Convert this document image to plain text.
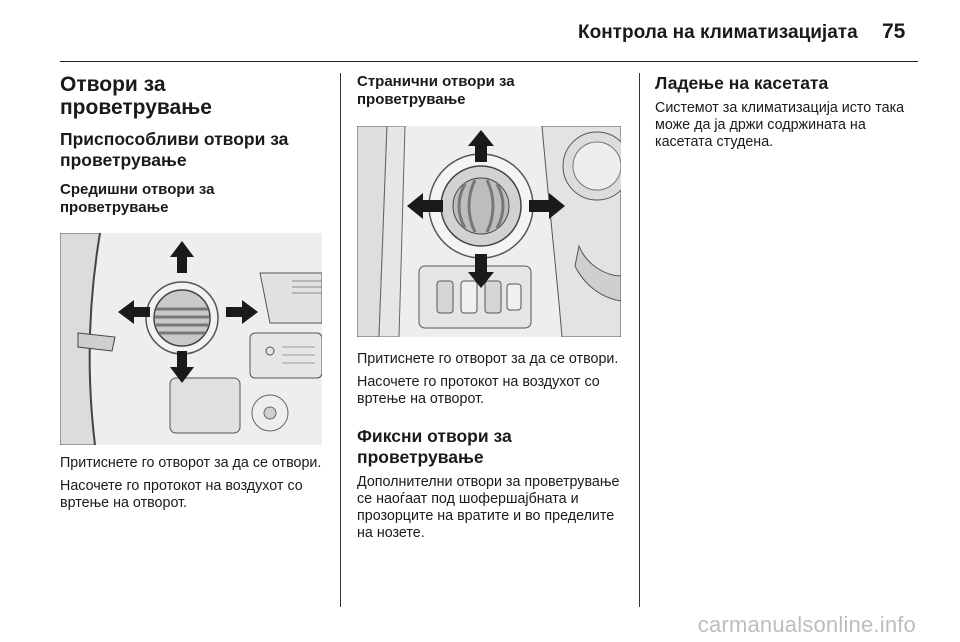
Контрола на климатизацијата 75
Отвори за проветрување
Приспособливи отвори за проветрување
Средишни отвори за проветрување

Притиснете го отворот за да се отвори.

Насочете го протокот на воздухот со вртење на отворот.

Странични отвори за проветрување

Притиснете го отворот за да се отвори.

Насочете го протокот на воздухот со вртење на отворот.

Фиксни отвори за проветрување

Дополнителни отвори за проветрување се наоѓаат под шофершајбната и прозорците на вратите и во пределите на нозете.

Ладење на касетата

Системот за климатизација исто така може да ја држи содржината на касетата студена.

carmanualsonline.info
